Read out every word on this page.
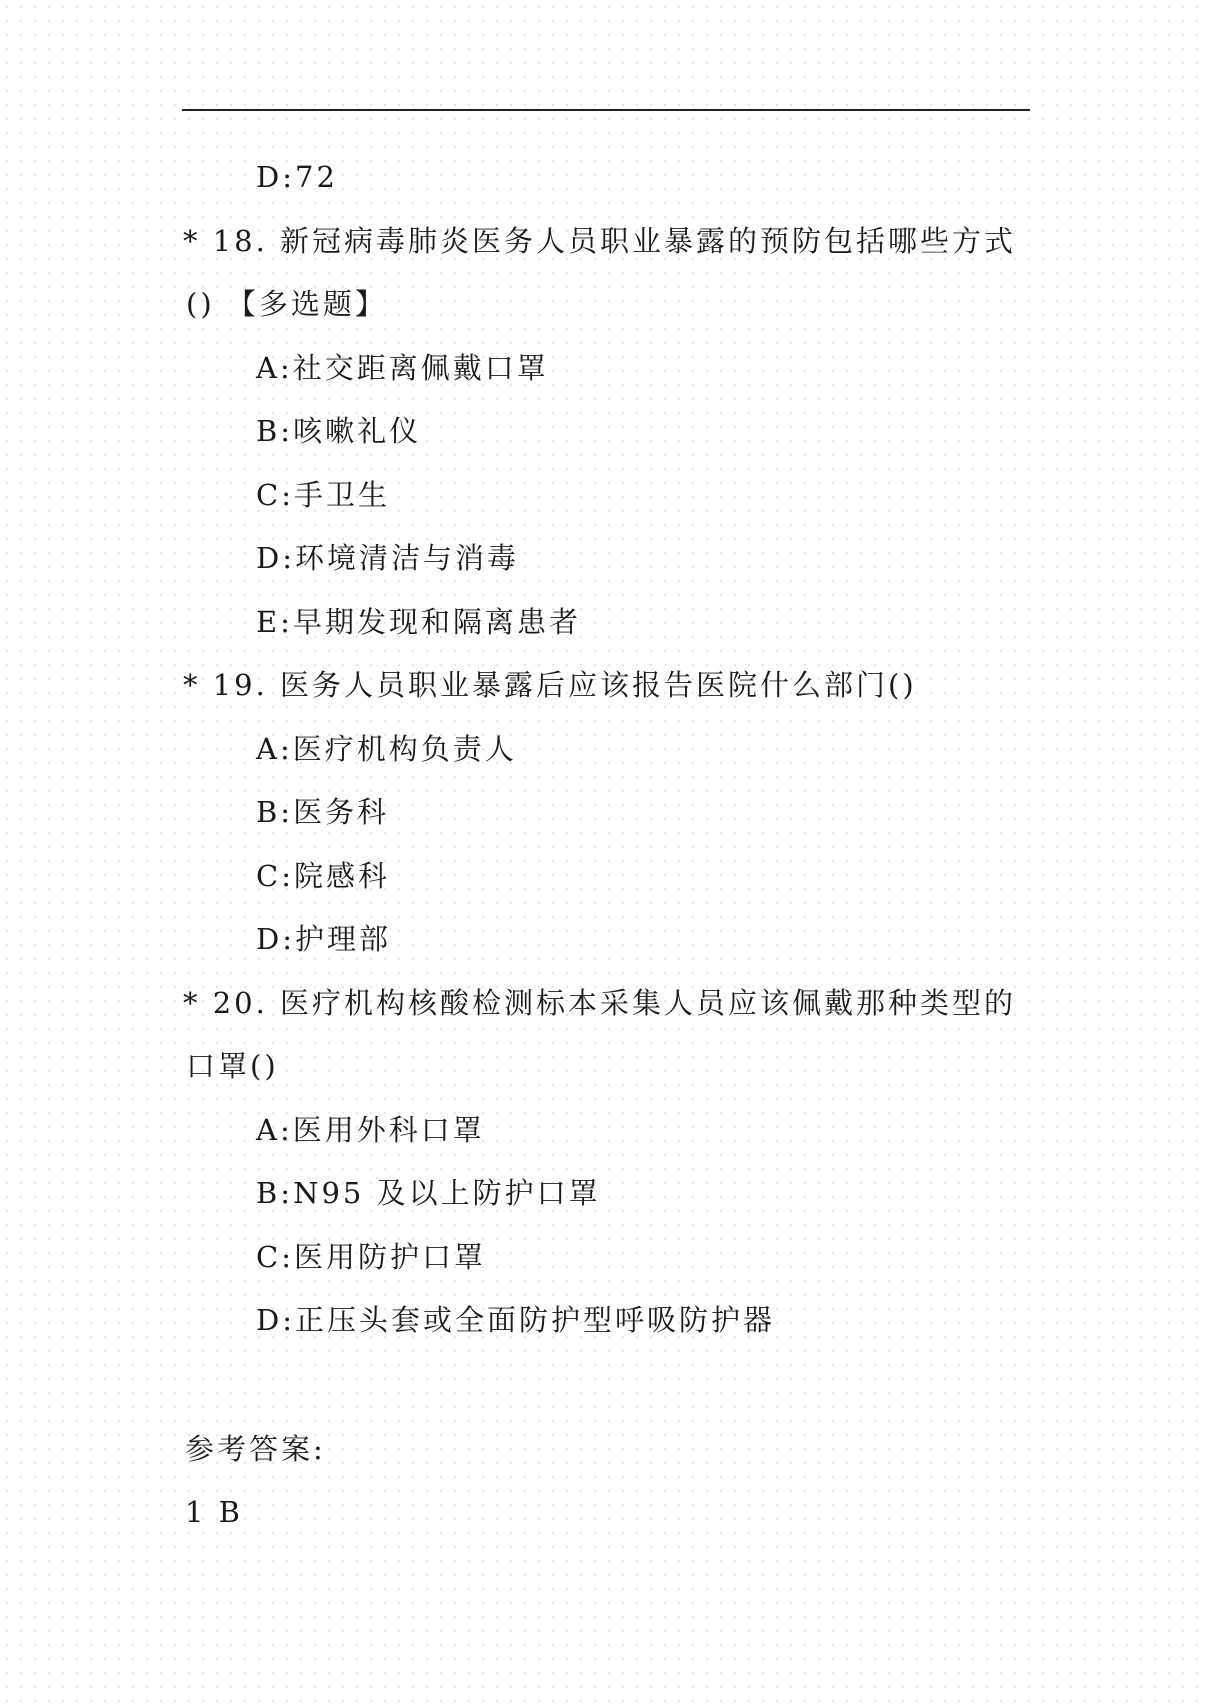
D:72
* 18. 新冠病毒肺炎医务人员职业暴露的预防包括哪些方式
() 【多选题】
A:社交距离佩戴口罩
B:咳嗽礼仪
C:手卫生
D:环境清洁与消毒
E:早期发现和隔离患者
* 19. 医务人员职业暴露后应该报告医院什么部门()
A:医疗机构负责人
B:医务科
C:院感科
D:护理部
* 20. 医疗机构核酸检测标本采集人员应该佩戴那种类型的
口罩()
A:医用外科口罩
B:N95 及以上防护口罩
C:医用防护口罩
D:正压头套或全面防护型呼吸防护器
参考答案:
1 B
